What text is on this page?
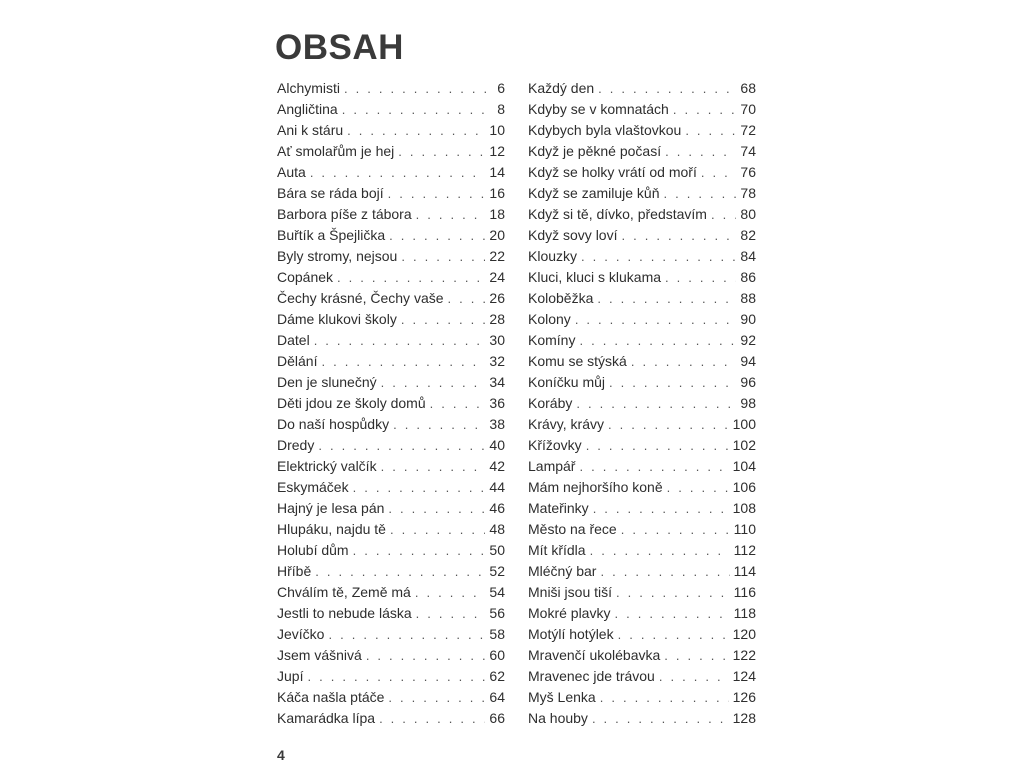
OBSAH
Alchymisti . . .	6
Angličtina . . .	8
Ani k stáru . . .	10
Ať smolařům je hej . . .	12
Auta . . .	14
Bára se ráda bojí . . .	16
Barbora píše z tábora . . .	18
Buřtík a Špejlička . . .	20
Byly stromy, nejsou . . .	22
Copánek . . .	24
Čechy krásné, Čechy vaše . . .	26
Dáme klukovi školy . . .	28
Datel . . .	30
Dělání . . .	32
Den je slunečný . . .	34
Děti jdou ze školy domů . . .	36
Do naší hospůdky . . .	38
Dredy . . .	40
Elektrický valčík . . .	42
Eskymáček . . .	44
Hajný je lesa pán . . .	46
Hlupáku, najdu tě . . .	48
Holubí dům . . .	50
Hříbě . . .	52
Chválím tě, Země má . . .	54
Jestli to nebude láska . . .	56
Jevíčko . . .	58
Jsem vášnivá . . .	60
Jupí . . .	62
Káča našla ptáče . . .	64
Kamarádka lípa . . .	66
Každý den . . .	68
Kdyby se v komnatách . . .	70
Kdybych byla vlaštovkou . . .	72
Když je pěkné počasí . . .	74
Když se holky vrátí od moří . . .	76
Když se zamiluje kůň . . .	78
Když si tě, dívko, představím . . . 80
Když sovy loví . . .	82
Klouzky . . .	84
Kluci, kluci s klukama . . .	86
Koloběžka . . .	88
Kolony . . .	90
Komíny . . .	92
Komu se stýská . . .	94
Koníčku můj . . .	96
Koráby . . .	98
Krávy, krávy . . .	100
Křížovky . . .	102
Lampář . . .	104
Mám nejhoršího koně . . .	106
Mateřinky . . .	108
Město na řece . . .	110
Mít křídla . . .	112
Mléčný bar . . .	114
Mniši jsou tiší . . .	116
Mokré plavky . . .	118
Motýlí hotýlek . . .	120
Mravenčí ukolébavka . . .	122
Mravenec jde trávou . . .	124
Myš Lenka . . .	126
Na houby . . .	128
4
